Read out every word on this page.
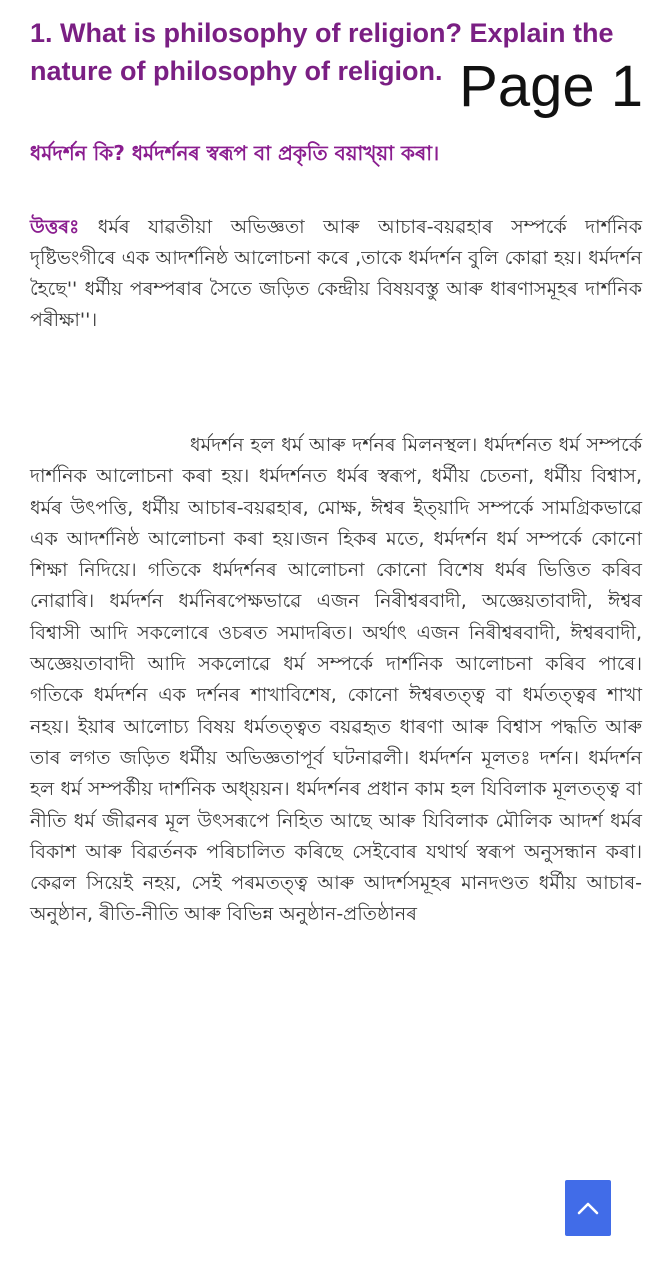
1. What is philosophy of religion? Explain the nature of philosophy of religion. Page 1
ধৰ্মদৰ্শন কি? ধৰ্মদৰ্শনৰ স্বৰূপ বা প্ৰকৃতি বয়াখ্য়া কৰা।

উত্তৰঃ ধৰ্মৰ যাৱতীয়া অভিজ্ঞতা আৰু আচাৰ-বয়ৱহাৰ সম্পৰ্কে দাৰ্শনিক দৃষ্টিভংগীৰে এক আদৰ্শনিষ্ঠ আলোচনা কৰে ,তাকে ধৰ্মদৰ্শন বুলি কোৱা হয়। ধৰ্মদৰ্শন হৈছে'' ধৰ্মীয় পৰম্পৰাৰ সৈতে জড়িত কেন্দ্ৰীয় বিষয়বস্তু আৰু ধাৰণাসমূহৰ দাৰ্শনিক পৰীক্ষা''।

ধৰ্মদৰ্শন হল ধৰ্ম আৰু দৰ্শনৰ মিলনস্থল। ধৰ্মদৰ্শনত ধৰ্ম সম্পৰ্কে দাৰ্শনিক আলোচনা কৰা হয়। ধৰ্মদৰ্শনত ধৰ্মৰ স্বৰূপ, ধৰ্মীয় চেতনা, ধৰ্মীয় বিশ্বাস, ধৰ্মৰ উৎপত্তি, ধৰ্মীয় আচাৰ-বয়ৱহাৰ, মোক্ষ, ঈশ্বৰ ইত্য়াদি সম্পৰ্কে সামগ্ৰিকভাৱে এক আদৰ্শনিষ্ঠ আলোচনা কৰা হয়।জন হিকৰ মতে, ধৰ্মদৰ্শন ধৰ্ম সম্পৰ্কে কোনো শিক্ষা নিদিয়ে। গতিকে ধৰ্মদৰ্শনৰ আলোচনা কোনো বিশেষ ধৰ্মৰ ভিত্তিত কৰিব নোৱাৰি। ধৰ্মদৰ্শন ধৰ্মনিৰপেক্ষভাৱে এজন নিৰীশ্বৰবাদী, অজ্ঞেয়তাবাদী, ঈশ্বৰ বিশ্বাসী আদি সকলোৰে ওচৰত সমাদৰিত। অৰ্থাৎ এজন নিৰীশ্বৰবাদী, ঈশ্বৰবাদী, অজ্ঞেয়তাবাদী আদি সকলোৱে ধৰ্ম সম্পৰ্কে দাৰ্শনিক আলোচনা কৰিব পাৰে। গতিকে ধৰ্মদৰ্শন এক দৰ্শনৰ শাখাবিশেষ, কোনো ঈশ্বৰতত্ত্ব বা ধৰ্মতত্ত্বৰ শাখা নহয়। ইয়াৰ আলোচ্য বিষয় ধৰ্মতত্ত্বত বয়ৱহৃত ধাৰণা আৰু বিশ্বাস পদ্ধতি আৰু তাৰ লগত জড়িত ধৰ্মীয় অভিজ্ঞতাপূৰ্ব ঘটনাৱলী। ধৰ্মদৰ্শন মূলতঃ দৰ্শন। ধৰ্মদৰ্শন হল ধৰ্ম সম্পৰ্কীয় দাৰ্শনিক অধ্য়য়ন। ধৰ্মদৰ্শনৰ প্ৰধান কাম হল যিবিলাক মূলতত্ত্ব বা নীতি ধৰ্ম জীৱনৰ মূল উৎসৰূপে নিহিত আছে আৰু যিবিলাক মৌলিক আদৰ্শ ধৰ্মৰ বিকাশ আৰু বিৱৰ্তনক পৰিচালিত কৰিছে সেইবোৰ যথাৰ্থ স্বৰূপ অনুসন্ধান কৰা। কেৱল সিয়েই নহয়, সেই পৰমতত্ত্ব আৰু আদৰ্শসমূহৰ মানদণ্ডত ধৰ্মীয় আচাৰ-অনুষ্ঠান, ৰীতি-নীতি আৰু বিভিন্ন অনুষ্ঠান-প্ৰতিষ্ঠানৰ
